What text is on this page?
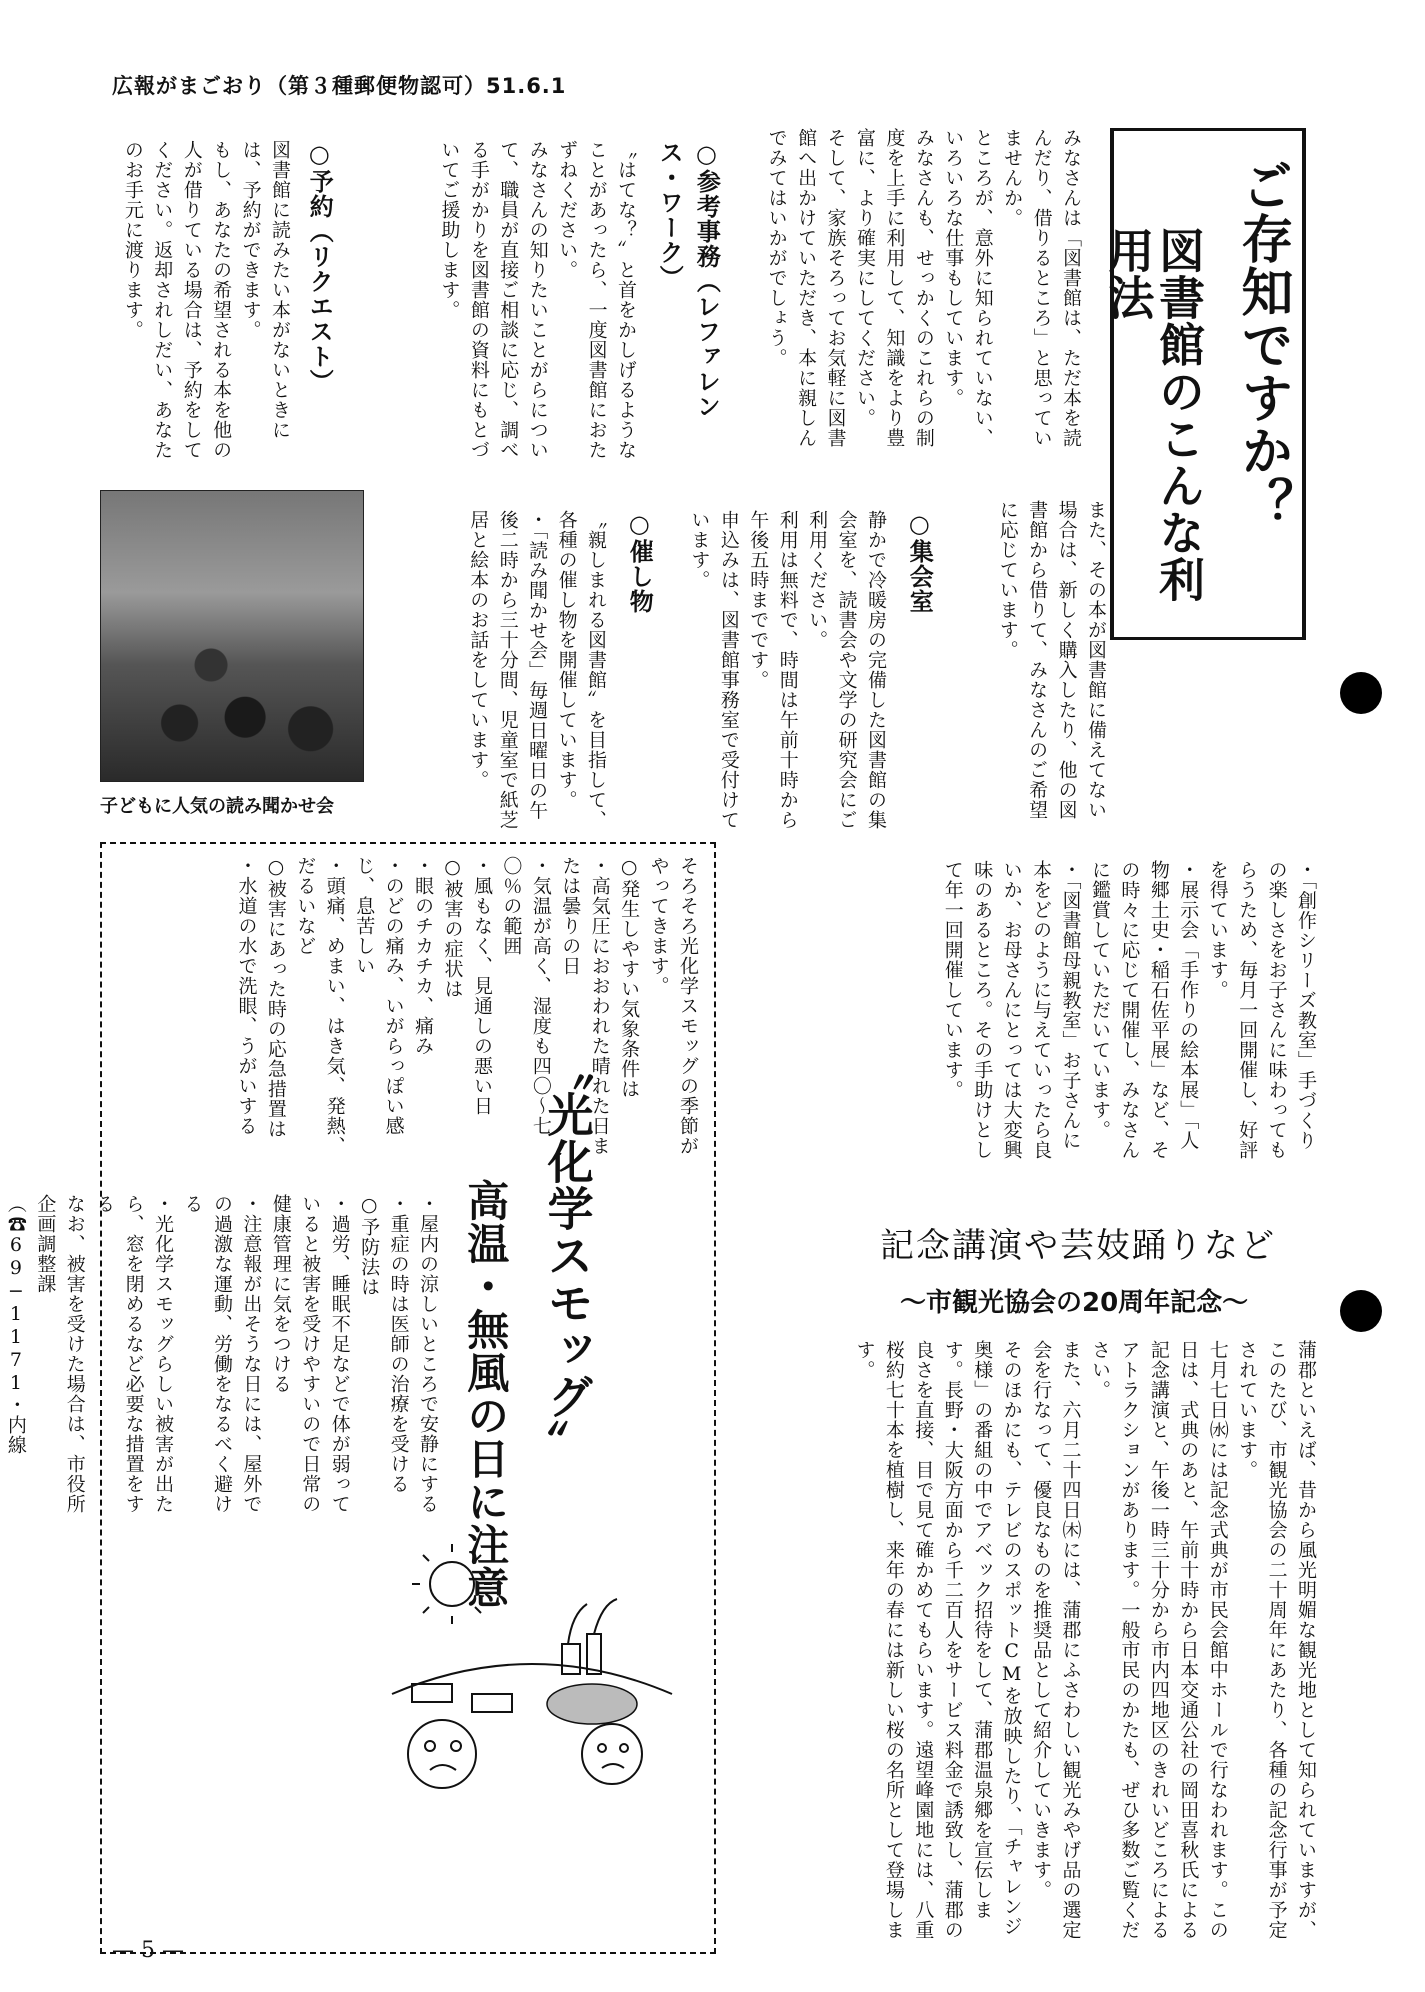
広報がまごおり（第３種郵便物認可）51.6.1
ご存知ですか？
図書館のこんな利用法

みなさんは「図書館は、ただ本を読んだり、借りるところ」と思っていませんか。

ところが、意外に知られていない、いろいろな仕事もしています。

みなさんも、せっかくのこれらの制度を上手に利用して、知識をより豊富に、より確実にしてください。

そして、家族そろってお気軽に図書館へ出かけていただき、本に親しんでみてはいかがでしょう。

○参考事務（レファレンス・ワーク）

〝はてな？〟と首をかしげるようなことがあったら、一度図書館におたずねください。

みなさんの知りたいことがらについて、職員が直接ご相談に応じ、調べる手がかりを図書館の資料にもとづいてご援助します。

○予約（リクエスト）

図書館に読みたい本がないときには、予約ができます。

もし、あなたの希望される本を他の人が借りている場合は、予約をしてください。返却されしだい、あなたのお手元に渡ります。

また、その本が図書館に備えてない場合は、新しく購入したり、他の図書館から借りて、みなさんのご希望に応じています。

○集会室

静かで冷暖房の完備した図書館の集会室を、読書会や文学の研究会にご利用ください。

利用は無料で、時間は午前十時から午後五時までです。

申込みは、図書館事務室で受付けています。

○催し物

〝親しまれる図書館〟を目指して、各種の催し物を開催しています。

・「読み聞かせ会」毎週日曜日の午後二時から三十分間、児童室で紙芝居と絵本のお話をしています。

子どもに人気の読み聞かせ会

・「創作シリーズ教室」手づくりの楽しさをお子さんに味わってもらうため、毎月一回開催し、好評を得ています。

・展示会「手作りの絵本展」「人物郷土史・稲石佐平展」など、その時々に応じて開催し、みなさんに鑑賞していただいています。

・「図書館母親教室」お子さんに本をどのように与えていったら良いか、お母さんにとっては大変興味のあるところ。その手助けとして年一回開催しています。

〝光化学スモッグ〟
高温・無風の日に注意

そろそろ光化学スモッグの季節がやってきます。

○発生しやすい気象条件は

・高気圧におおわれた晴れた日または曇りの日

・気温が高く、湿度も四〇〜七〇％の範囲

・風もなく、見通しの悪い日

○被害の症状は

・眼のチカチカ、痛み

・のどの痛み、いがらっぽい感じ、息苦しい

・頭痛、めまい、はき気、発熱、だるいなど

○被害にあった時の応急措置は

・水道の水で洗眼、うがいする

・屋内の涼しいところで安静にする

・重症の時は医師の治療を受ける

○予防法は

・過労、睡眠不足などで体が弱っていると被害を受けやすいので日常の健康管理に気をつける

・注意報が出そうな日には、屋外での過激な運動、労働をなるべく避ける

・光化学スモッグらしい被害が出たら、窓を閉めるなど必要な措置をする

なお、被害を受けた場合は、市役所企画調整課（☎69−1171・内線

記念講演や芸妓踊りなど
〜市観光協会の20周年記念〜

蒲郡といえば、昔から風光明媚な観光地として知られていますが、このたび、市観光協会の二十周年にあたり、各種の記念行事が予定されています。

七月七日㈬には記念式典が市民会館中ホールで行なわれます。この日は、式典のあと、午前十時から日本交通公社の岡田喜秋氏による記念講演と、午後一時三十分から市内四地区のきれいどころによるアトラクションがあります。一般市民のかたも、ぜひ多数ご覧ください。

また、六月二十四日㈭には、蒲郡にふさわしい観光みやげ品の選定会を行なって、優良なものを推奨品として紹介していきます。

そのほかにも、テレビのスポットCMを放映したり、「チャレンジ奥様」の番組の中でアベック招待をして、蒲郡温泉郷を宣伝します。長野・大阪方面から千二百人をサービス料金で誘致し、蒲郡の良さを直接、目で見て確かめてもらいます。遠望峰園地には、八重桜約七十本を植樹し、来年の春には新しい桜の名所として登場します。

— 5 —
